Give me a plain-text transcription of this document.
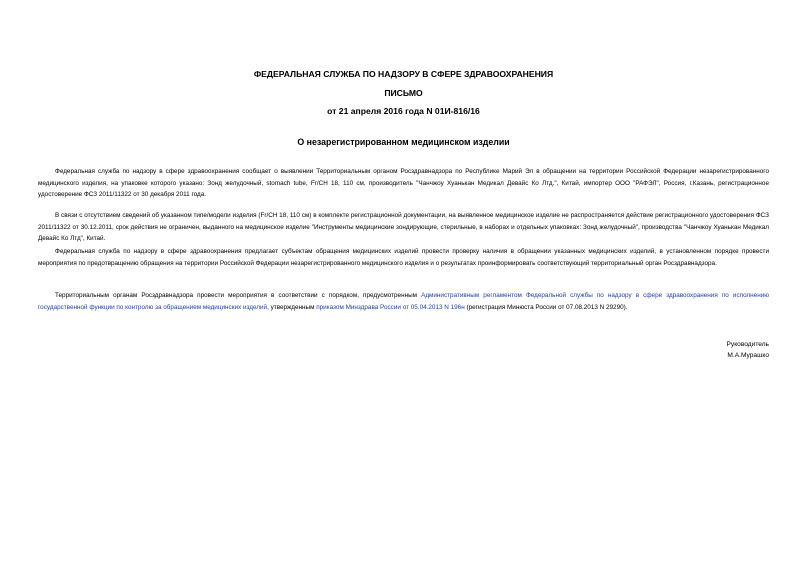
ФЕДЕРАЛЬНАЯ СЛУЖБА ПО НАДЗОРУ В СФЕРЕ ЗДРАВООХРАНЕНИЯ
ПИСЬМО
от 21 апреля 2016 года N 01И-816/16
О незарегистрированном медицинском изделии

Федеральная служба по надзору в сфере здравоохранения сообщает о выявлении Территориальным органом Росздравнадзора по Республике Марий Эл в обращении на территории Российской Федерации незарегистрированного медицинского изделия, на упаковке которого указано: Зонд желудочный, stomach tube, Fr/CH 18, 110 см, производитель "Чанчжоу Хуанькан Медикал Девайс Ко Лтд.", Китай, импортер ООО "РАФЭЛ", Россия, г.Казань, регистрационное удостоверение ФСЗ 2011/11322 от 30 декабря 2011 года.

В связи с отсутствием сведений об указанном типе/модели изделия (Fr/CH 18, 110 см) в комплекте регистрационной документации, на выявленное медицинское изделие не распространяется действие регистрационного удостоверения ФСЗ 2011/11322 от 30.12.2011, срок действия не ограничен, выданного на медицинское изделие "Инструменты медицинские зондирующие, стерильные, в наборах и отдельных упаковках: Зонд желудочный", производства "Чанчжоу Хуанькан Медикал Девайс Ко Лтд", Китай.

Федеральная служба по надзору в сфере здравоохранения предлагает субъектам обращения медицинских изделий провести проверку наличия в обращении указанных медицинских изделий, в установленном порядке провести мероприятия по предотвращению обращения на территории Российской Федерации незарегистрированного медицинского изделия и о результатах проинформировать соответствующий территориальный орган Росздравнадзора.

Территориальным органам Росздравнадзора провести мероприятия в соответствии с порядком, предусмотренным Административным регламентом Федеральной службы по надзору в сфере здравоохранения по исполнению государственной функции по контролю за обращением медицинских изделий, утвержденным приказом Минздрава России от 05.04.2013 N 196н (регистрация Минюста России от 07.08.2013 N 29290).

Руководитель
М.А.Мурашко
